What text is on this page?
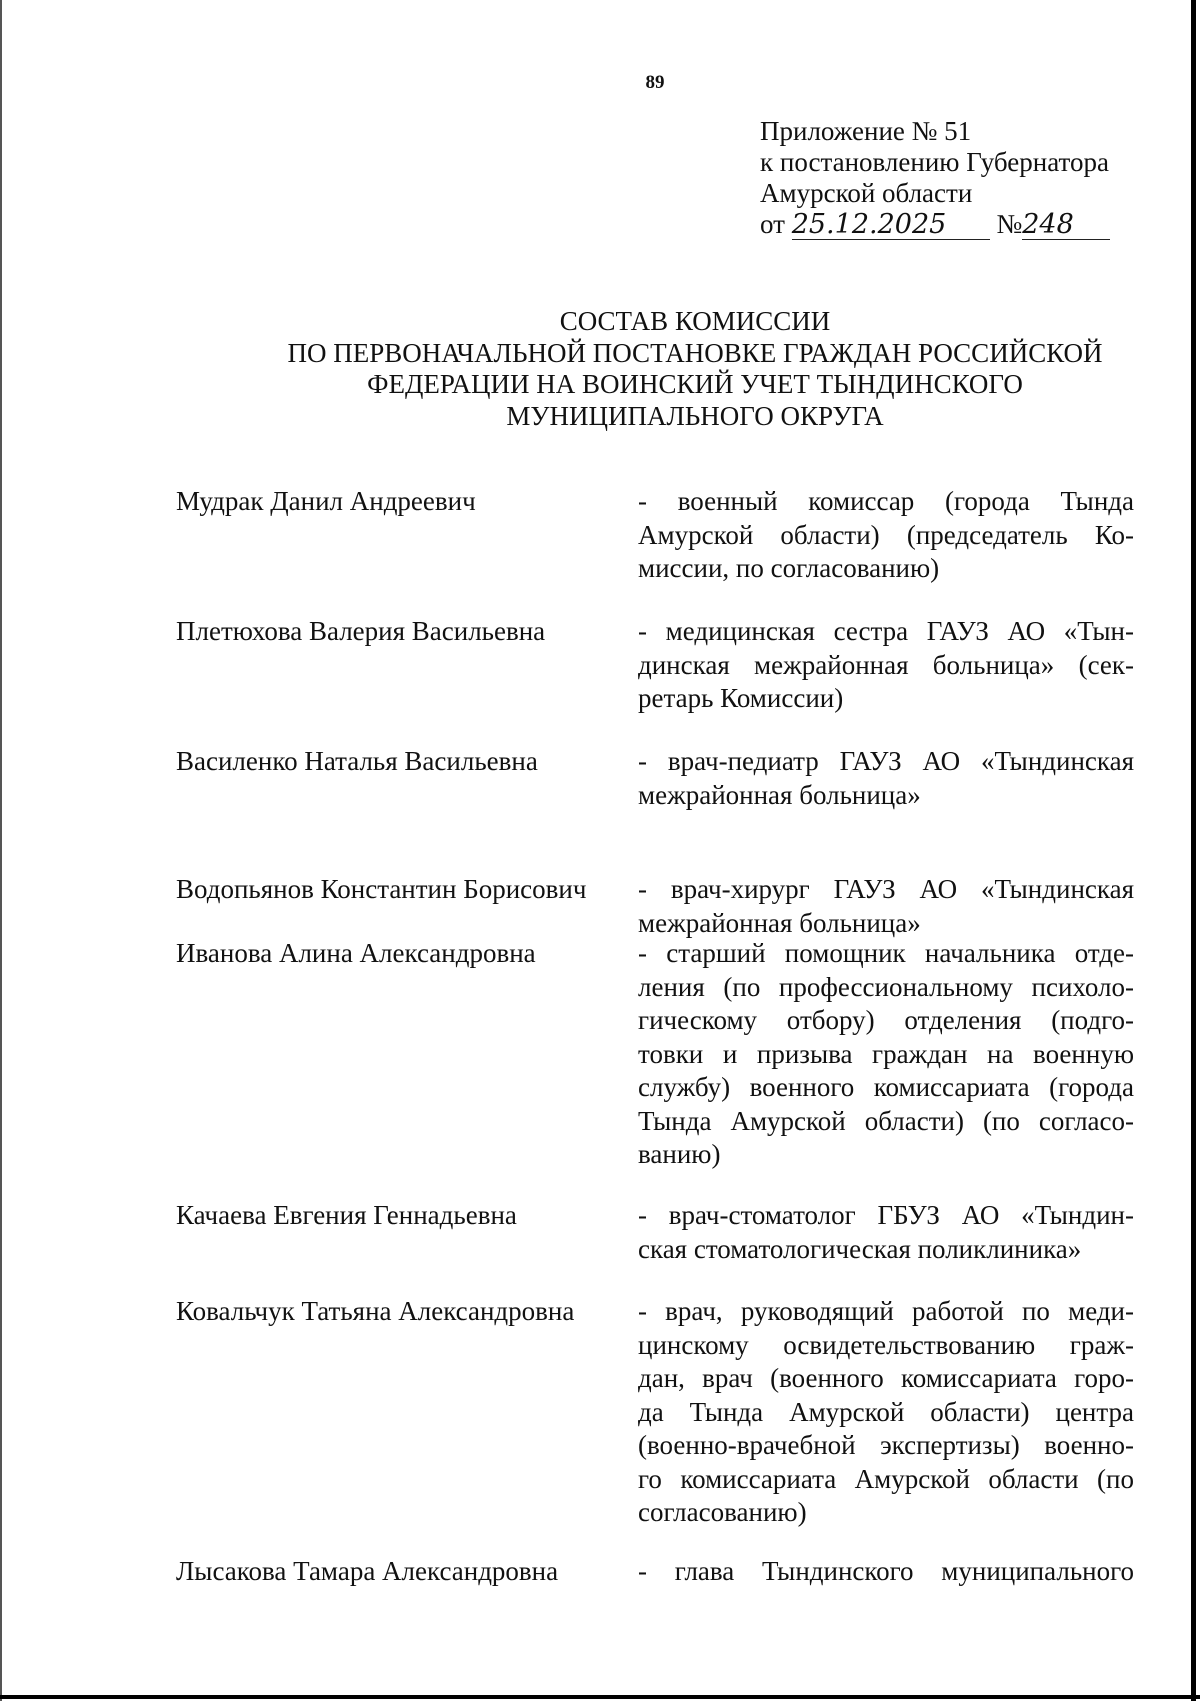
89
Приложение № 51
к постановлению Губернатора
Амурской области
от 25.12.2025 №248
СОСТАВ КОМИССИИ
ПО ПЕРВОНАЧАЛЬНОЙ ПОСТАНОВКЕ ГРАЖДАН РОССИЙСКОЙ
ФЕДЕРАЦИИ НА ВОИНСКИЙ УЧЕТ ТЫНДИНСКОГО
МУНИЦИПАЛЬНОГО ОКРУГА
Мудрак Данил Андреевич	- военный комиссар (города Тында
Амурской области) (председатель Ко-
миссии, по согласованию)
Плетюхова Валерия Васильевна	- медицинская сестра ГАУЗ АО «Тын-
динская межрайонная больница» (сек-
ретарь Комиссии)
Василенко Наталья Васильевна	- врач-педиатр ГАУЗ АО «Тындинская
межрайонная больница»
Водопьянов Константин Борисович - врач-хирург ГАУЗ АО «Тындинская
межрайонная больница»
Иванова Алина Александровна	- старший помощник начальника отде-
ления (по профессиональному психоло-
гическому отбору) отделения (подго-
товки и призыва граждан на военную
службу) военного комиссариата (города
Тында Амурской области) (по согласо-
ванию)
Качаева Евгения Геннадьевна	- врач-стоматолог ГБУЗ АО «Тындин-
ская стоматологическая поликлиника»
Ковальчук Татьяна Александровна - врач, руководящий работой по меди-
цинскому освидетельствованию граж-
дан, врач (военного комиссариата горо-
да Тында Амурской области) центра
(военно-врачебной экспертизы) военно-
го комиссариата Амурской области (по
согласованию)
Лысакова Тамара Александровна	- глава Тындинского муниципального
